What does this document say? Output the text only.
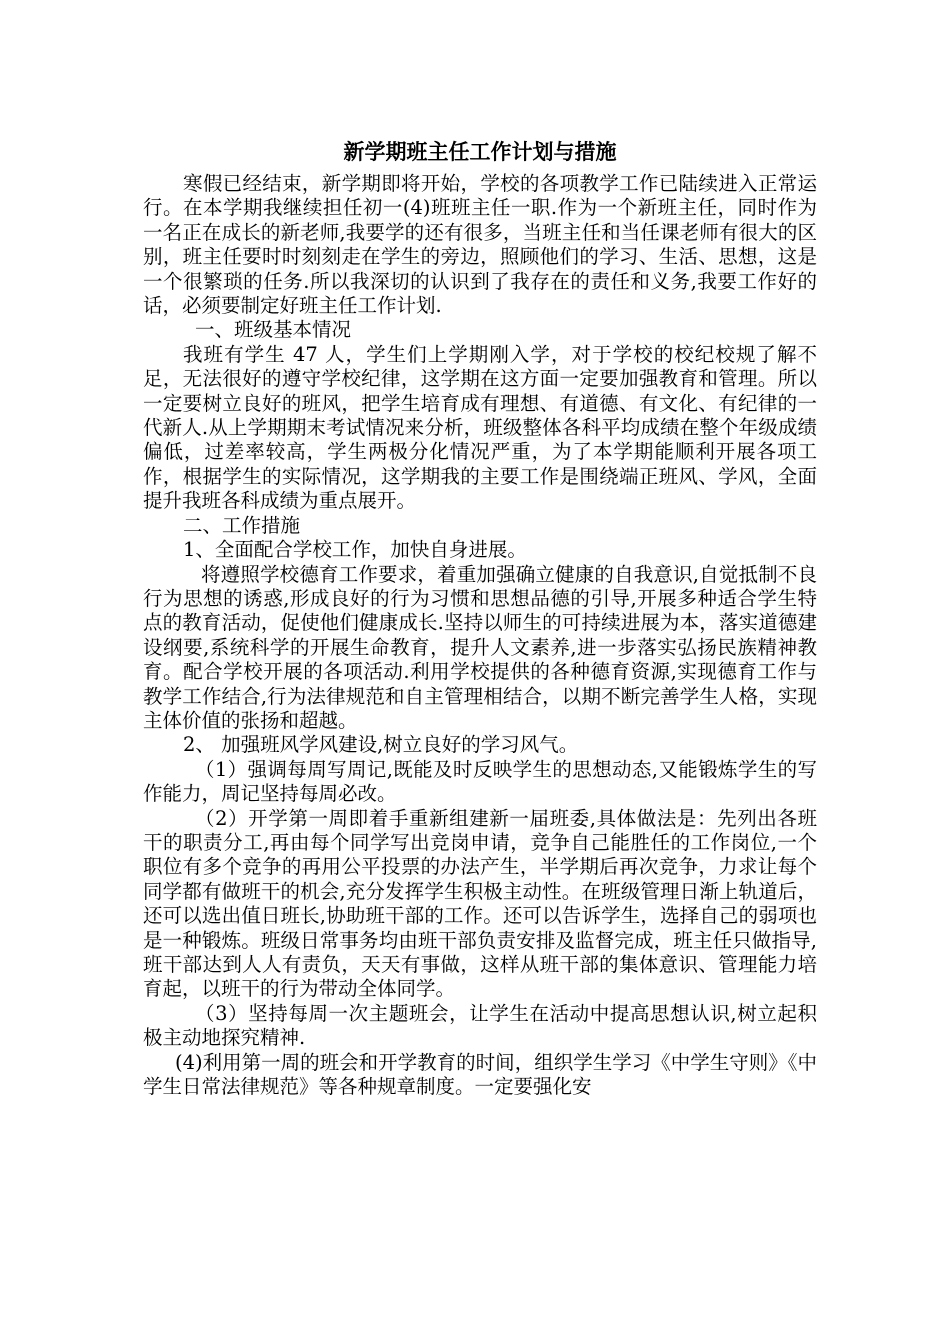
新学期班主任工作计划与措施

寒假已经结束，新学期即将开始，学校的各项教学工作已陆续进入正常运行。在本学期我继续担任初一(4)班班主任一职.作为一个新班主任，同时作为一名正在成长的新老师,我要学的还有很多，当班主任和当任课老师有很大的区别，班主任要时时刻刻走在学生的旁边，照顾他们的学习、生活、思想，这是一个很繁琐的任务.所以我深切的认识到了我存在的责任和义务,我要工作好的话，必须要制定好班主任工作计划.

一、班级基本情况

我班有学生 47 人，学生们上学期刚入学，对于学校的校纪校规了解不足，无法很好的遵守学校纪律，这学期在这方面一定要加强教育和管理。所以一定要树立良好的班风，把学生培育成有理想、有道德、有文化、有纪律的一代新人.从上学期期末考试情况来分析，班级整体各科平均成绩在整个年级成绩偏低，过差率较高，学生两极分化情况严重，为了本学期能顺利开展各项工作，根据学生的实际情况，这学期我的主要工作是围绕端正班风、学风，全面提升我班各科成绩为重点展开。

二、工作措施

1、全面配合学校工作，加快自身进展。

将遵照学校德育工作要求，着重加强确立健康的自我意识,自觉抵制不良行为思想的诱惑,形成良好的行为习惯和思想品德的引导,开展多种适合学生特点的教育活动，促使他们健康成长.坚持以师生的可持续进展为本，落实道德建设纲要,系统科学的开展生命教育，提升人文素养,进一步落实弘扬民族精神教育。配合学校开展的各项活动.利用学校提供的各种德育资源,实现德育工作与教学工作结合,行为法律规范和自主管理相结合，以期不断完善学生人格，实现主体价值的张扬和超越。

2、 加强班风学风建设,树立良好的学习风气。

（1）强调每周写周记,既能及时反映学生的思想动态,又能锻炼学生的写作能力，周记坚持每周必改。

（2）开学第一周即着手重新组建新一届班委,具体做法是：先列出各班干的职责分工,再由每个同学写出竞岗申请，竞争自己能胜任的工作岗位,一个职位有多个竞争的再用公平投票的办法产生，半学期后再次竞争，力求让每个同学都有做班干的机会,充分发挥学生积极主动性。在班级管理日渐上轨道后，还可以选出值日班长,协助班干部的工作。还可以告诉学生，选择自己的弱项也是一种锻炼。班级日常事务均由班干部负责安排及监督完成，班主任只做指导,班干部达到人人有责负，天天有事做，这样从班干部的集体意识、管理能力培育起，以班干的行为带动全体同学。

（3）坚持每周一次主题班会，让学生在活动中提高思想认识,树立起积极主动地探究精神.

(4)利用第一周的班会和开学教育的时间，组织学生学习《中学生守则》《中学生日常法律规范》等各种规章制度。一定要强化安
